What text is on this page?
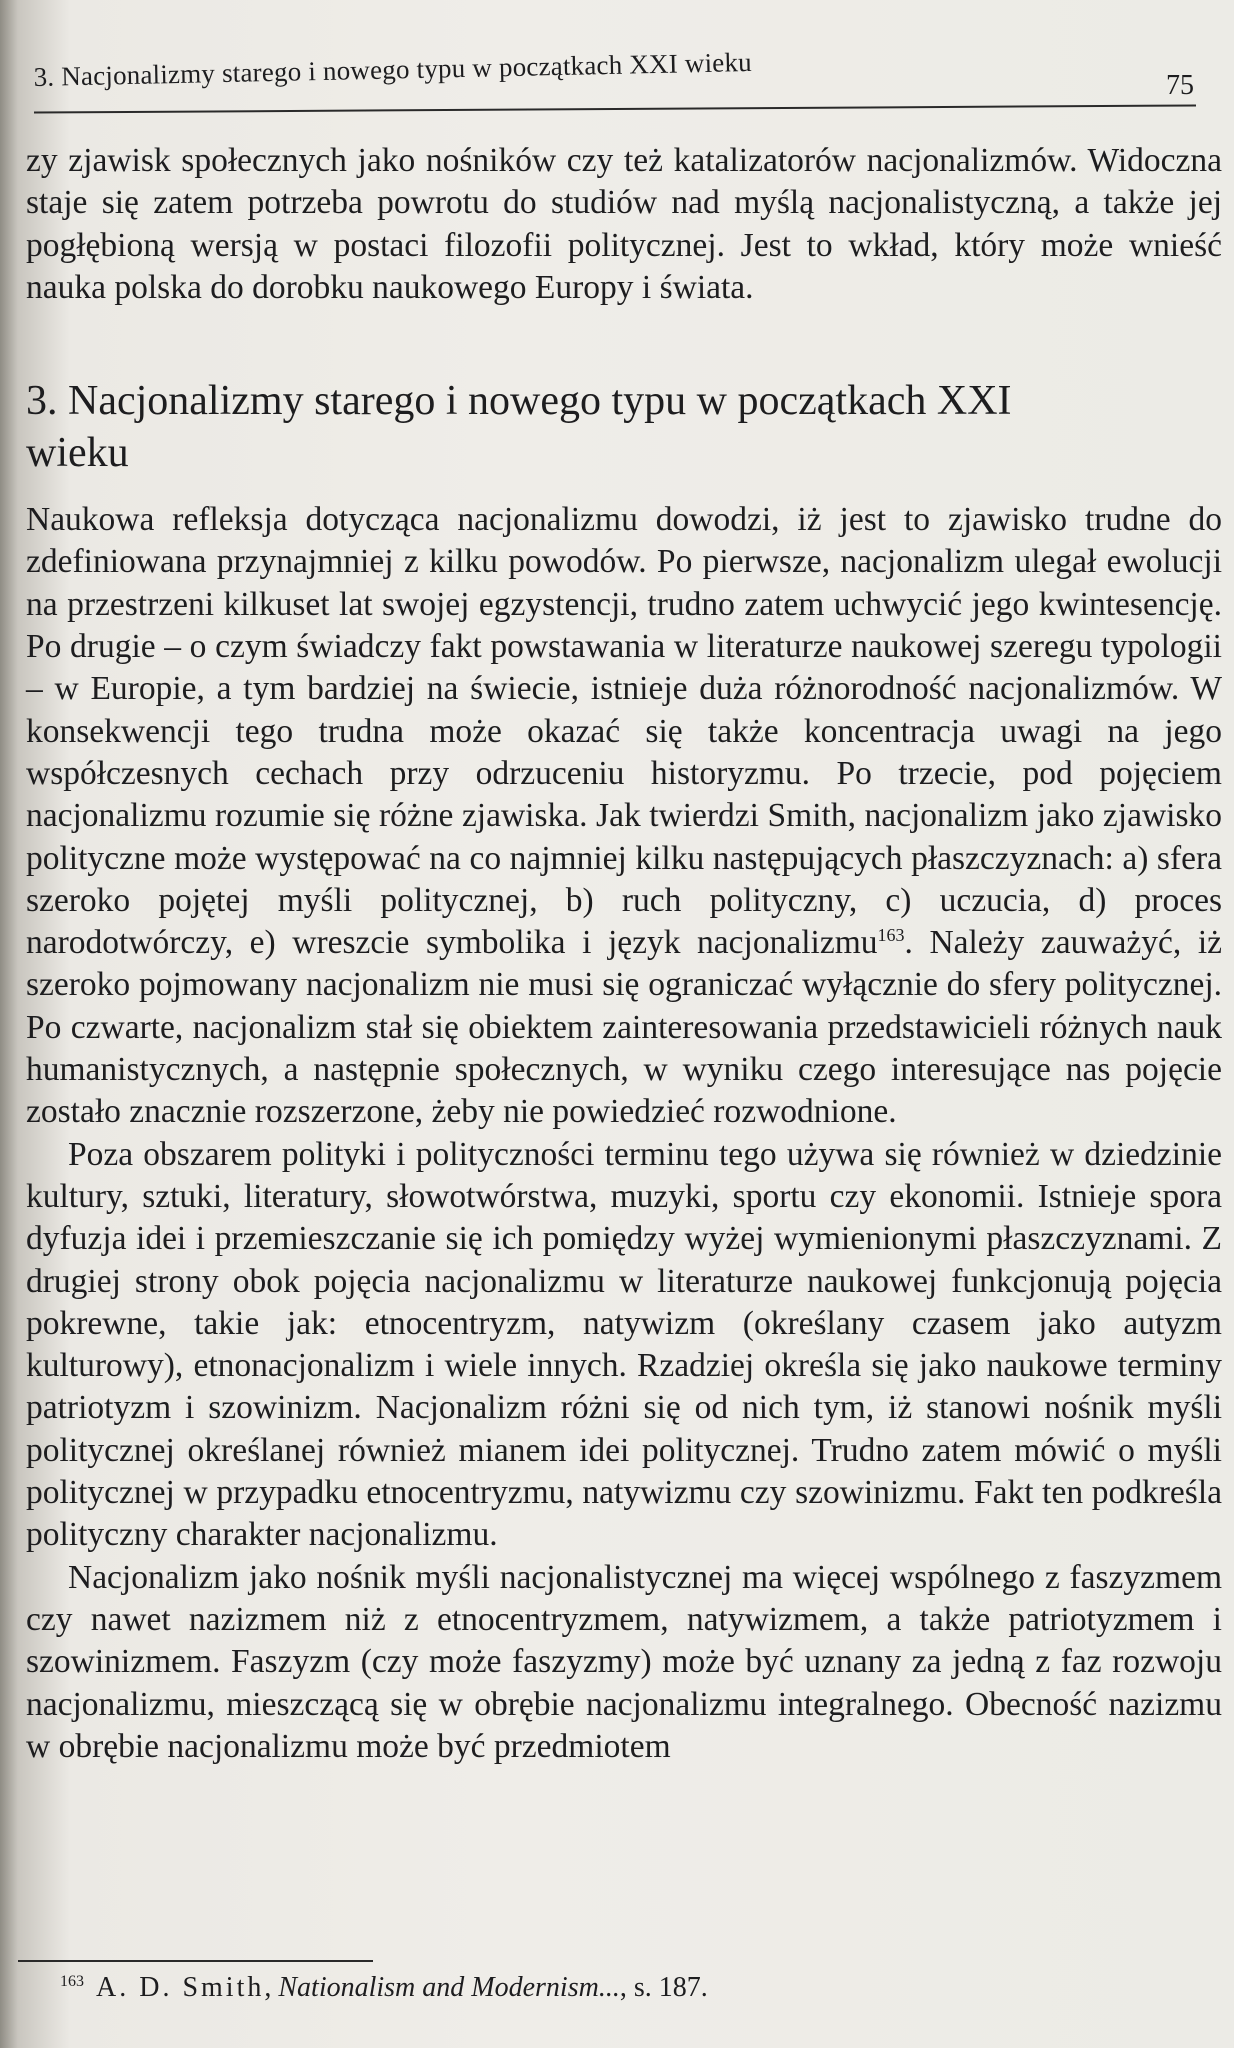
3. Nacjonalizmy starego i nowego typu w początkach XXI wieku	75

zy zjawisk społecznych jako nośników czy też katalizatorów nacjonalizmów. Widoczna staje się zatem potrzeba powrotu do studiów nad myślą nacjonalistyczną, a także jej pogłębioną wersją w postaci filozofii politycznej. Jest to wkład, który może wnieść nauka polska do dorobku naukowego Europy i świata.

3. Nacjonalizmy starego i nowego typu w początkach XXI wieku

Naukowa refleksja dotycząca nacjonalizmu dowodzi, iż jest to zjawisko trudne do zdefiniowana przynajmniej z kilku powodów. Po pierwsze, nacjonalizm ulegał ewolucji na przestrzeni kilkuset lat swojej egzystencji, trudno zatem uchwycić jego kwintesencję. Po drugie – o czym świadczy fakt powstawania w literaturze naukowej szeregu typologii – w Europie, a tym bardziej na świecie, istnieje duża różnorodność nacjonalizmów. W konsekwencji tego trudna może okazać się także koncentracja uwagi na jego współczesnych cechach przy odrzuceniu historyzmu. Po trzecie, pod pojęciem nacjonalizmu rozumie się różne zjawiska. Jak twierdzi Smith, nacjonalizm jako zjawisko polityczne może występować na co najmniej kilku następujących płaszczyznach: a) sfera szeroko pojętej myśli politycznej, b) ruch polityczny, c) uczucia, d) proces narodotwórczy, e) wreszcie symbolika i język nacjonalizmu$^{163}$. Należy zauważyć, iż szeroko pojmowany nacjonalizm nie musi się ograniczać wyłącznie do sfery politycznej. Po czwarte, nacjonalizm stał się obiektem zainteresowania przedstawicieli różnych nauk humanistycznych, a następnie społecznych, w wyniku czego interesujące nas pojęcie zostało znacznie rozszerzone, żeby nie powiedzieć rozwodnione.

Poza obszarem polityki i polityczności terminu tego używa się również w dziedzinie kultury, sztuki, literatury, słowotwórstwa, muzyki, sportu czy ekonomii. Istnieje spora dyfuzja idei i przemieszczanie się ich pomiędzy wyżej wymienionymi płaszczyznami. Z drugiej strony obok pojęcia nacjonalizmu w literaturze naukowej funkcjonują pojęcia pokrewne, takie jak: etnocentryzm, natywizm (określany czasem jako autyzm kulturowy), etnonacjonalizm i wiele innych. Rzadziej określa się jako naukowe terminy patriotyzm i szowinizm. Nacjonalizm różni się od nich tym, iż stanowi nośnik myśli politycznej określanej również mianem idei politycznej. Trudno zatem mówić o myśli politycznej w przypadku etnocentryzmu, natywizmu czy szowinizmu. Fakt ten podkreśla polityczny charakter nacjonalizmu.

Nacjonalizm jako nośnik myśli nacjonalistycznej ma więcej wspólnego z faszyzmem czy nawet nazizmem niż z etnocentryzmem, natywizmem, a także patriotyzmem i szowinizmem. Faszyzm (czy może faszyzmy) może być uznany za jedną z faz rozwoju nacjonalizmu, mieszczącą się w obrębie nacjonalizmu integralnego. Obecność nazizmu w obrębie nacjonalizmu może być przedmiotem

$^{163}$ A. D. Smith, Nationalism and Modernism..., s. 187.
